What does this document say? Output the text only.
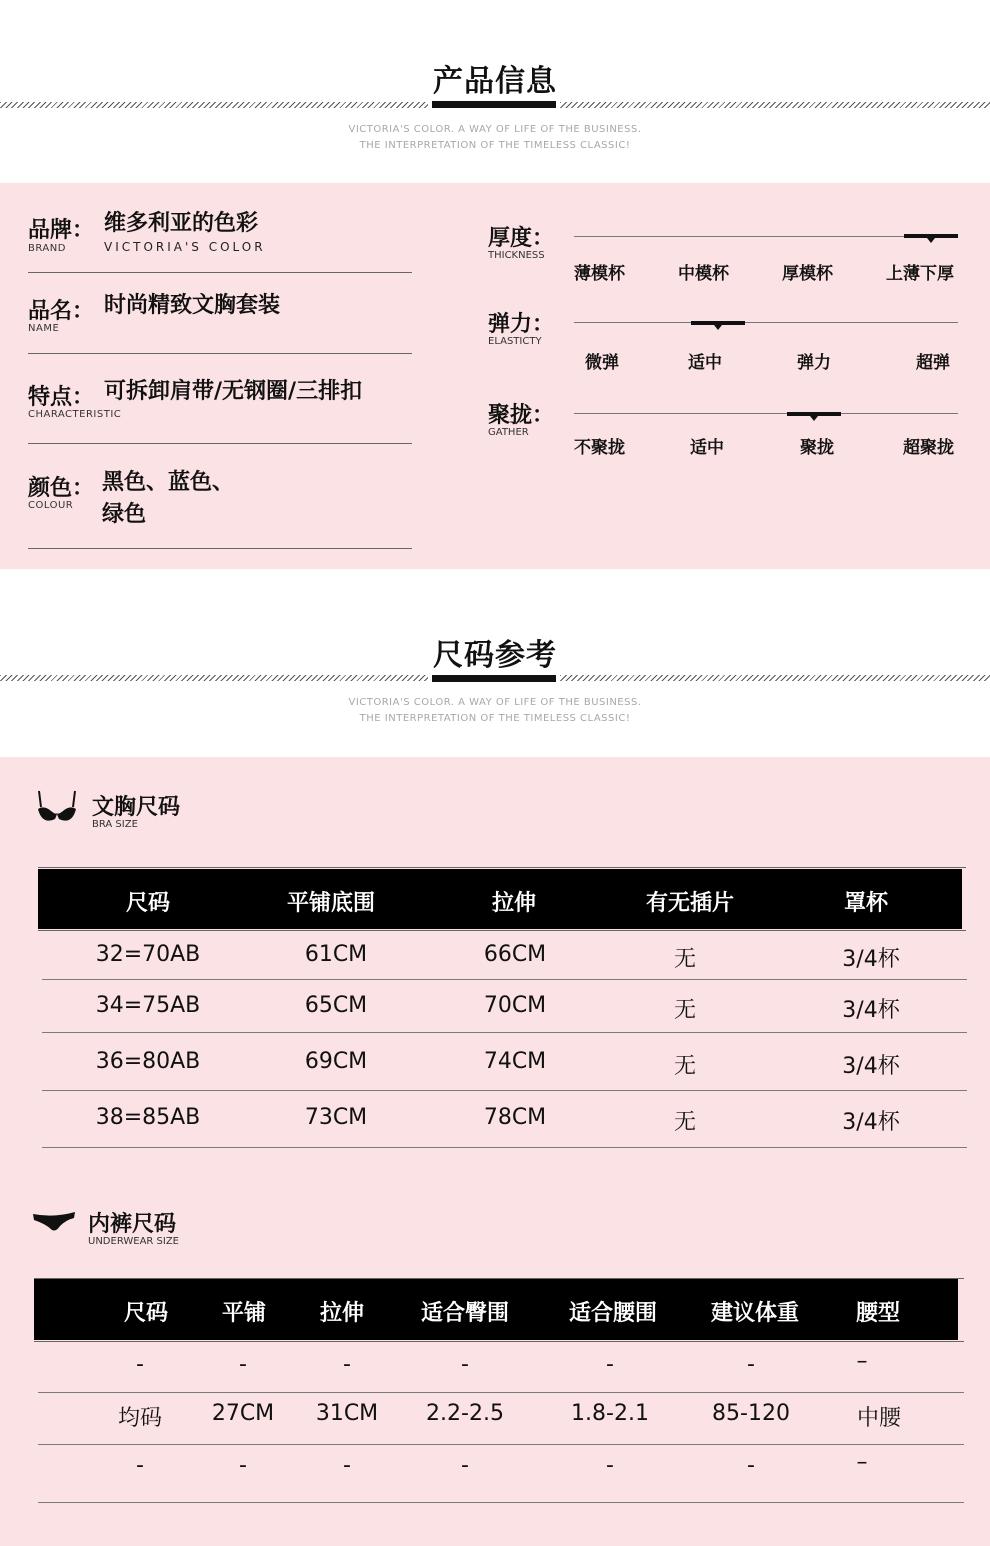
产品信息
VICTORIA'S COLOR. A WAY OF LIFE OF THE BUSINESS.
THE INTERPRETATION OF THE TIMELESS CLASSIC!
品牌：
BRAND
维多利亚的色彩
VICTORIA'S COLOR
品名：
NAME
时尚精致文胸套装
特点：
CHARACTERISTIC
可拆卸肩带/无钢圈/三排扣
颜色：
COLOUR
黑色、蓝色、
绿色
厚度：
THICKNESS
薄模杯	中模杯	厚模杯	上薄下厚
弹力：
ELASTICTY
微弹	适中	弹力	超弹
聚拢：
GATHER
不聚拢	适中	聚拢	超聚拢
尺码参考
VICTORIA'S COLOR. A WAY OF LIFE OF THE BUSINESS.
THE INTERPRETATION OF THE TIMELESS CLASSIC!
文胸尺码
BRA SIZE
尺码	平铺底围	拉伸	有无插片	罩杯
32=70AB	61CM	66CM	无	3/4杯
34=75AB	65CM	70CM	无	3/4杯
36=80AB	69CM	74CM	无	3/4杯
38=85AB	73CM	78CM	无	3/4杯
内裤尺码
UNDERWEAR SIZE
尺码	平铺	拉伸	适合臀围	适合腰围	建议体重	腰型
-	-	-	-	-	-	–
均码	27CM	31CM	2.2-2.5	1.8-2.1	85-120	中腰
-	-	-	-	-	-	–
